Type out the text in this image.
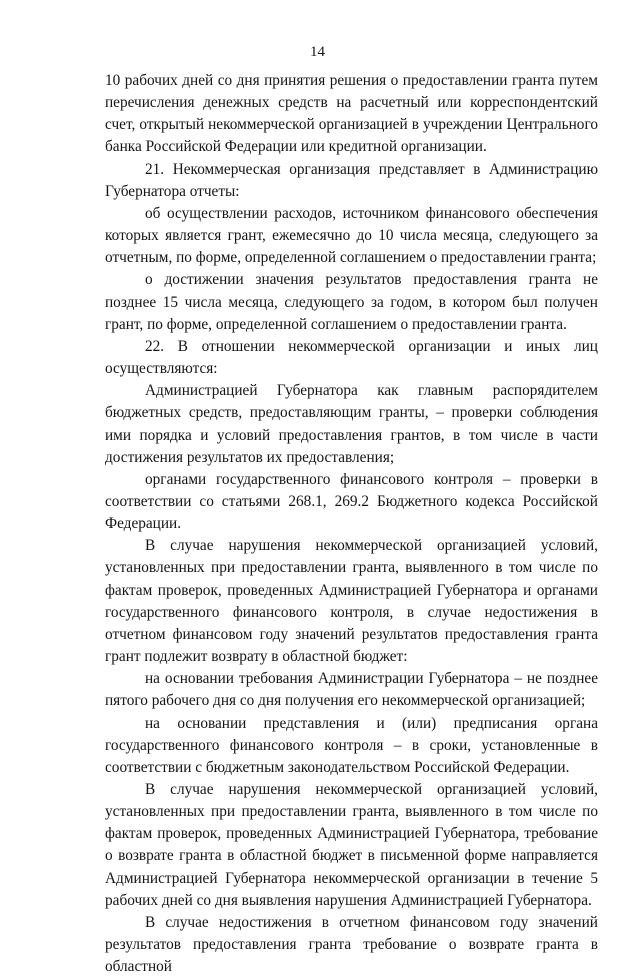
14

10 рабочих дней со дня принятия решения о предоставлении гранта путем перечисления денежных средств на расчетный или корреспондентский счет, открытый некоммерческой организацией в учреждении Центрального банка Российской Федерации или кредитной организации.

21. Некоммерческая организация представляет в Администрацию Губернатора отчеты:

об осуществлении расходов, источником финансового обеспечения которых является грант, ежемесячно до 10 числа месяца, следующего за отчетным, по форме, определенной соглашением о предоставлении гранта;

о достижении значения результатов предоставления гранта не позднее 15 числа месяца, следующего за годом, в котором был получен грант, по форме, определенной соглашением о предоставлении гранта.

22. В отношении некоммерческой организации и иных лиц осуществляются:

Администрацией Губернатора как главным распорядителем бюджетных средств, предоставляющим гранты, – проверки соблюдения ими порядка и условий предоставления грантов, в том числе в части достижения результатов их предоставления;

органами государственного финансового контроля – проверки в соответствии со статьями 268.1, 269.2 Бюджетного кодекса Российской Федерации.

В случае нарушения некоммерческой организацией условий, установленных при предоставлении гранта, выявленного в том числе по фактам проверок, проведенных Администрацией Губернатора и органами государственного финансового контроля, в случае недостижения в отчетном финансовом году значений результатов предоставления гранта грант подлежит возврату в областной бюджет:

на основании требования Администрации Губернатора – не позднее пятого рабочего дня со дня получения его некоммерческой организацией;

на основании представления и (или) предписания органа государственного финансового контроля – в сроки, установленные в соответствии с бюджетным законодательством Российской Федерации.

В случае нарушения некоммерческой организацией условий, установленных при предоставлении гранта, выявленного в том числе по фактам проверок, проведенных Администрацией Губернатора, требование о возврате гранта в областной бюджет в письменной форме направляется Администрацией Губернатора некоммерческой организации в течение 5 рабочих дней со дня выявления нарушения Администрацией Губернатора.

В случае недостижения в отчетном финансовом году значений результатов предоставления гранта требование о возврате гранта в областной
